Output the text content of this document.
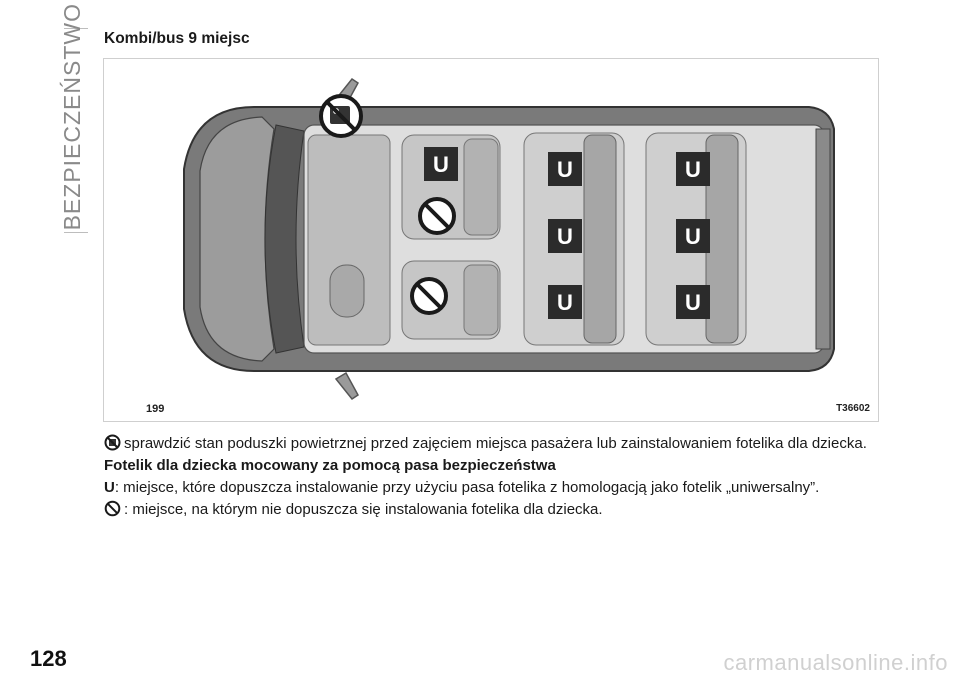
BEZPIECZEŃSTWO Kombi/bus 9 miejsc
U	U
U
U
U
U
U
199	T36602
sprawdzić stan poduszki powietrznej przed zajęciem miejsca pasażera lub zainstalowaniem fotelika dla dziecka.
Fotelik dla dziecka mocowany za pomocą pasa bezpieczeństwa
U: miejsce, które dopuszcza instalowanie przy użyciu pasa fotelika z homologacją jako fotelik „uniwersalny”.
: miejsce, na którym nie dopuszcza się instalowania fotelika dla dziecka.
128	carmanualsonline.info
